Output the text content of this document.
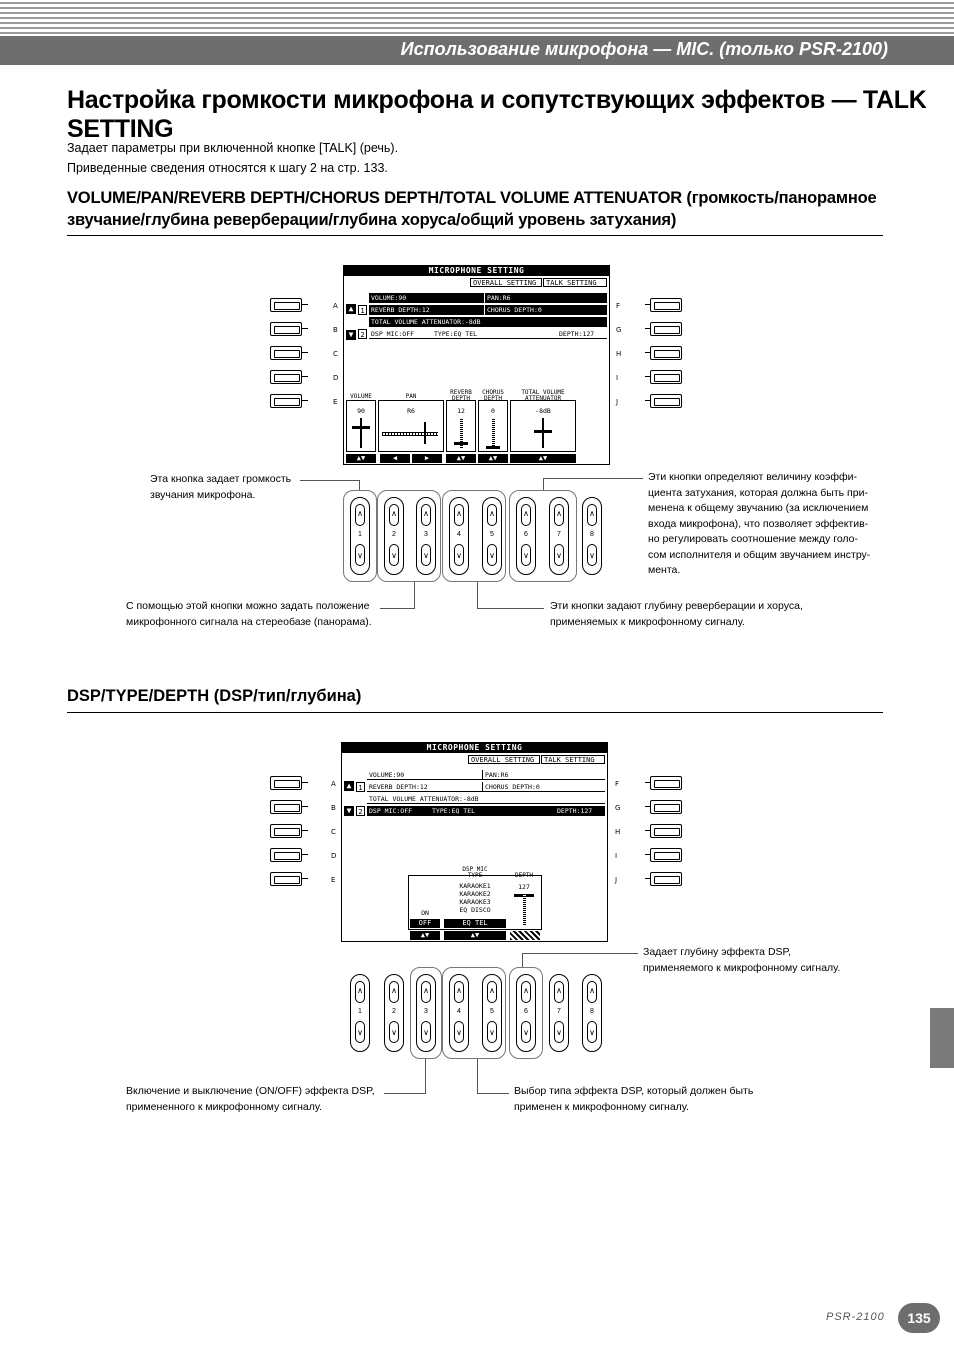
Использование микрофона — MIC. (только PSR-2100)
Настройка громкости микрофона и сопутствующих эффектов — TALK SETTING
Задает параметры при включенной кнопке [TALK] (речь).
Приведенные сведения относятся к шагу 2 на стр. 133.
VOLUME/PAN/REVERB DEPTH/CHORUS DEPTH/TOTAL VOLUME ATTENUATOR (громкость/панорамное
звучание/глубина реверберации/глубина хоруса/общий уровень затухания)
A
B
C
D
E
F
G
H
I
J
MICROPHONE SETTING
OVERALL SETTING	TALK SETTING
▲
▼
1
2
VOLUME:90	PAN:R6
REVERB DEPTH:12	CHORUS DEPTH:0
TOTAL VOLUME ATTENUATOR:-8dB
DSP MIC:OFF	TYPE:EQ TEL	DEPTH:127
VOLUME	PAN
REVERB
DEPTH
CHORUS
DEPTH
TOTAL VOLUME
ATTENUATOR
90	R6	12	0	-8dB
▲▼	◀	▶	▲▼	▲▼	▲▼
∧
1
∨
∧
2
∨
∧
3
∨
∧
4
∨
∧
5
∨
∧
6
∨
∧
7
∨
∧
8
∨
Эта кнопка задает громкость
звучания микрофона.
Эти кнопки определяют величину коэффи-
циента затухания, которая должна быть при-
менена к общему звучанию (за исключением
входа микрофона), что позволяет эффектив-
но регулировать соотношение между голо-
сом исполнителя и общим звучанием инстру-
мента.
С помощью этой кнопки можно задать положение
микрофонного сигнала на стереобазе (панорама).
Эти кнопки задают глубину реверберации и хоруса,
применяемых к микрофонному сигналу.
DSP/TYPE/DEPTH (DSP/тип/глубина)
A
B
C
D
E
F
G
H
I
J
MICROPHONE SETTING
OVERALL SETTING	TALK SETTING
▲
▼
1
2
VOLUME:90	PAN:R6
REVERB DEPTH:12	CHORUS DEPTH:0
TOTAL VOLUME ATTENUATOR:-8dB
DSP MIC:OFF	TYPE:EQ TEL	DEPTH:127
DSP MIC
TYPE	DEPTH
KARAOKE1
KARAOKE2
KARAOKE3
EQ DISCO
127
ON
OFF	EQ TEL
▲▼	▲▼
∧
1
∨
∧
2
∨
∧
3
∨
∧
4
∨
∧
5
∨
∧
6
∨
∧
7
∨
∧
8
∨
Задает глубину эффекта DSP,
применяемого к микрофонному сигналу.
Включение и выключение (ON/OFF) эффекта DSP,
примененного к микрофонному сигналу.
Выбор типа эффекта DSP, который должен быть
применен к микрофонному сигналу.
PSR-2100	135
